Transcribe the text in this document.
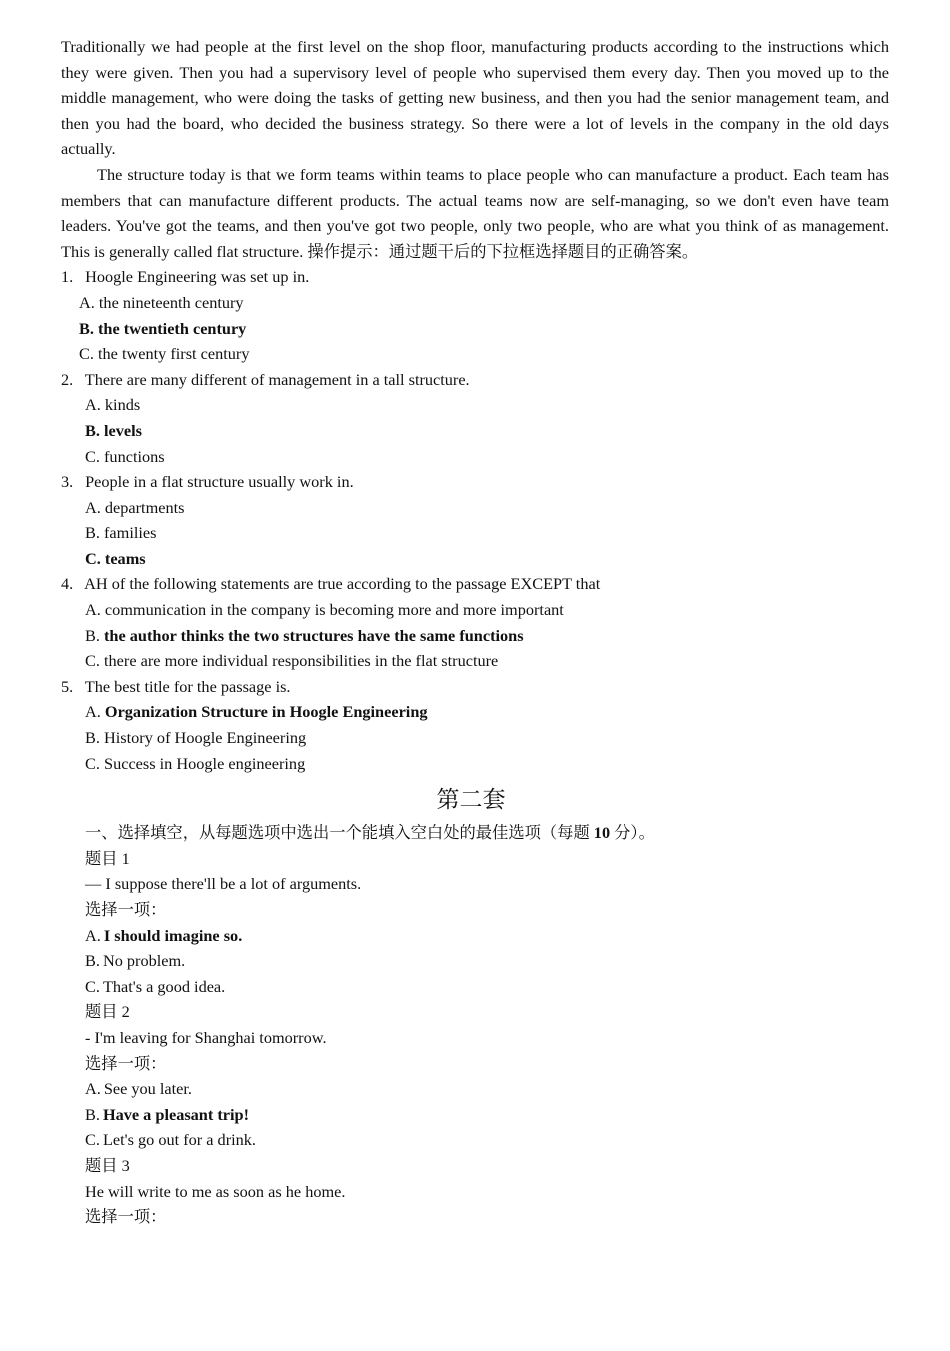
Traditionally we had people at the first level on the shop floor, manufacturing products according to the instructions which they were given. Then you had a supervisory level of people who supervised them every day. Then you moved up to the middle management, who were doing the tasks of getting new business, and then you had the senior management team, and then you had the board, who decided the business strategy. So there were a lot of levels in the company in the old days actually.

The structure today is that we form teams within teams to place people who can manufacture a product. Each team has members that can manufacture different products. The actual teams now are self-managing, so we don't even have team leaders. You've got the teams, and then you've got two people, only two people, who are what you think of as management. This is generally called flat structure. 操作提示：通过题干后的下拉框选择题目的正确答案。

1. Hoogle Engineering was set up in.
A. the nineteenth century
B. the twentieth century
C. the twenty first century
2. There are many different of management in a tall structure.
A. kinds
B. levels
C. functions
3. People in a flat structure usually work in.
A. departments
B. families
C. teams
4. AH of the following statements are true according to the passage EXCEPT that
A. communication in the company is becoming more and more important
B. the author thinks the two structures have the same functions
C. there are more individual responsibilities in the flat structure
5. The best title for the passage is.
A. Organization Structure in Hoogle Engineering
B. History of Hoogle Engineering
C. Success in Hoogle engineering
第二套
一、选择填空，从每题选项中选出一个能填入空白处的最佳选项（每题 10 分）。
题目 1
— I suppose there'll be a lot of arguments.
选择一项：
A. I should imagine so.
B. No problem.
C. That's a good idea.
题目 2
- I'm leaving for Shanghai tomorrow.
选择一项：
A. See you later.
B. Have a pleasant trip!
C. Let's go out for a drink.
题目 3
He will write to me as soon as he home.
选择一项：
